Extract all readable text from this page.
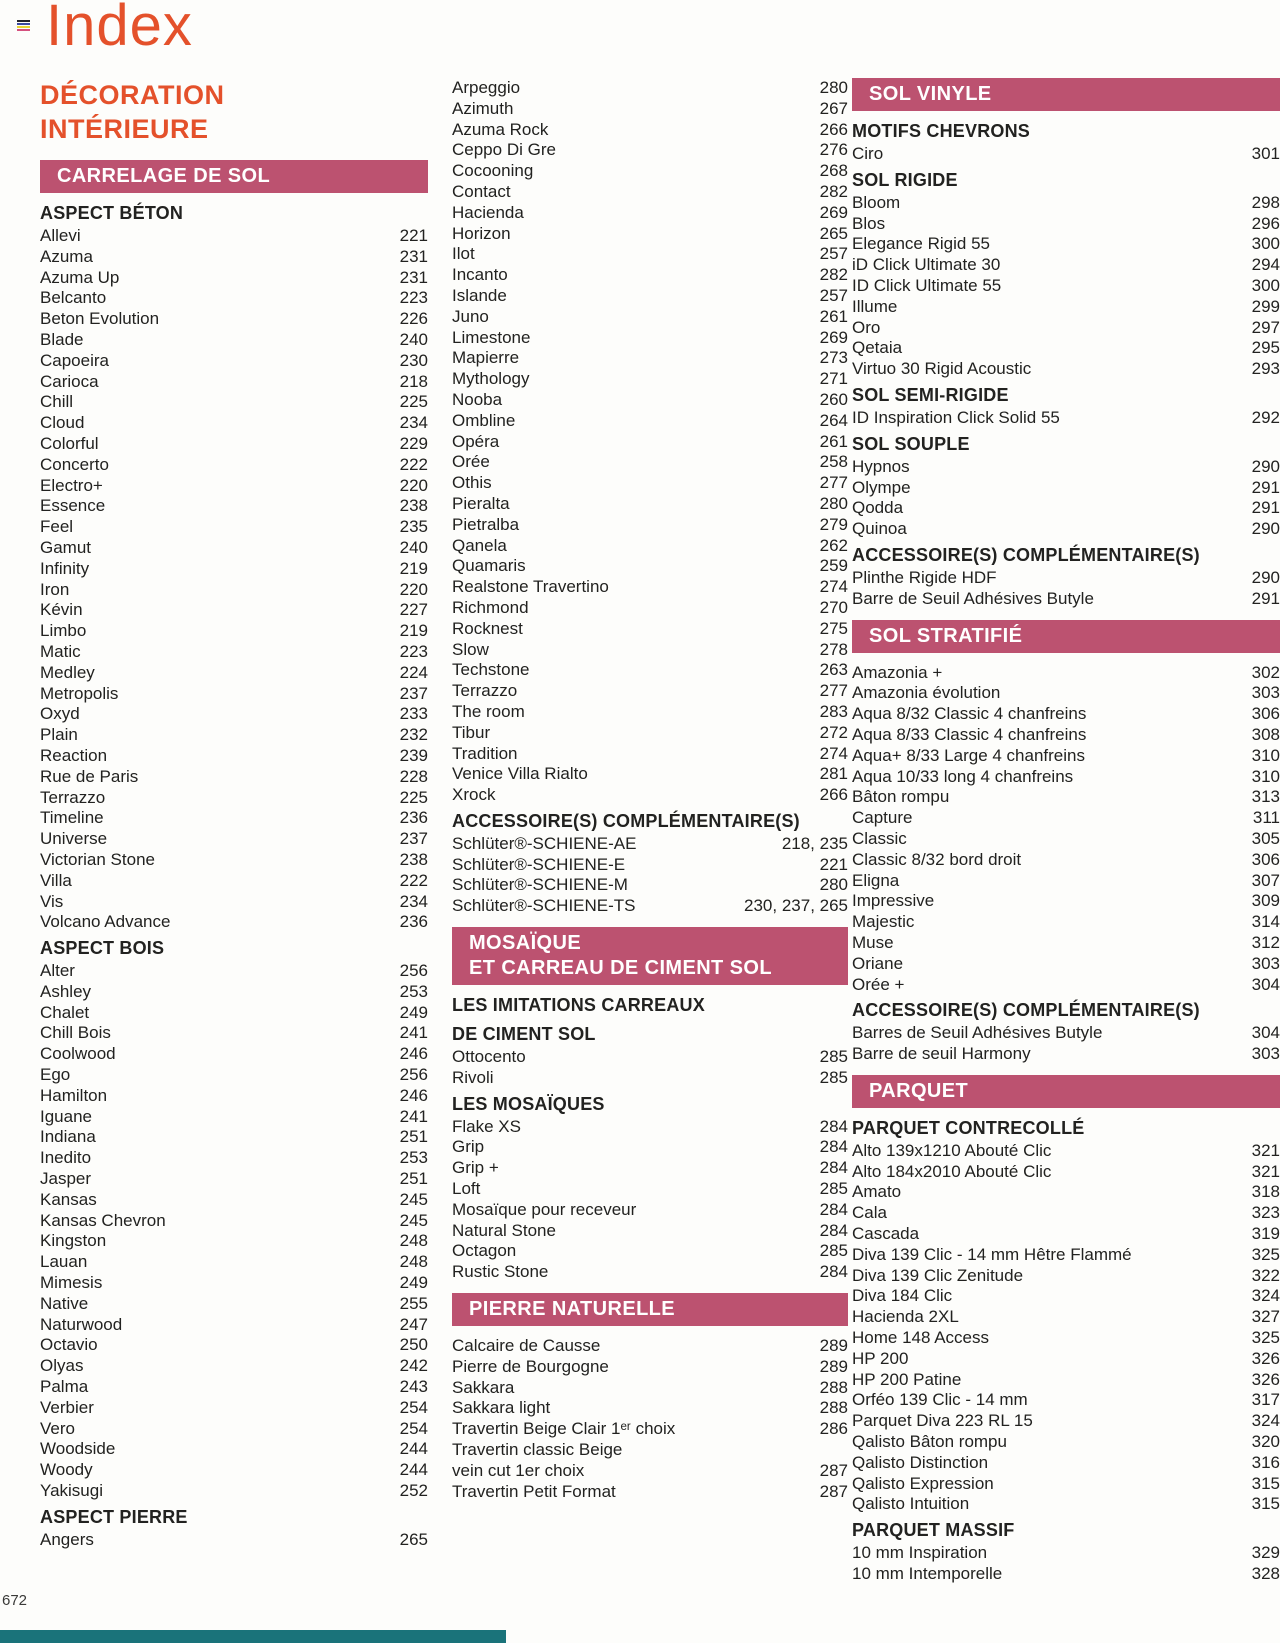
Index
DÉCORATION
INTÉRIEURE
CARRELAGE DE SOL
ASPECT BÉTON
Allevi	221
Azuma	231
Azuma Up	231
Belcanto	223
Beton Evolution	226
Blade	240
Capoeira	230
Carioca	218
Chill	225
Cloud	234
Colorful	229
Concerto	222
Electro+	220
Essence	238
Feel	235
Gamut	240
Infinity	219
Iron	220
Kévin	227
Limbo	219
Matic	223
Medley	224
Metropolis	237
Oxyd	233
Plain	232
Reaction	239
Rue de Paris	228
Terrazzo	225
Timeline	236
Universe	237
Victorian Stone	238
Villa	222
Vis	234
Volcano Advance	236
ASPECT BOIS
Alter	256
Ashley	253
Chalet	249
Chill Bois	241
Coolwood	246
Ego	256
Hamilton	246
Iguane	241
Indiana	251
Inedito	253
Jasper	251
Kansas	245
Kansas Chevron	245
Kingston	248
Lauan	248
Mimesis	249
Native	255
Naturwood	247
Octavio	250
Olyas	242
Palma	243
Verbier	254
Vero	254
Woodside	244
Woody	244
Yakisugi	252
ASPECT PIERRE
Angers	265
Arpeggio	280
Azimuth	267
Azuma Rock	266
Ceppo Di Gre	276
Cocooning	268
Contact	282
Hacienda	269
Horizon	265
Ilot	257
Incanto	282
Islande	257
Juno	261
Limestone	269
Mapierre	273
Mythology	271
Nooba	260
Ombline	264
Opéra	261
Orée	258
Othis	277
Pieralta	280
Pietralba	279
Qanela	262
Quamaris	259
Realstone Travertino	274
Richmond	270
Rocknest	275
Slow	278
Techstone	263
Terrazzo	277
The room	283
Tibur	272
Tradition	274
Venice Villa Rialto	281
Xrock	266
ACCESSOIRE(S) COMPLÉMENTAIRE(S)
Schlüter®-SCHIENE-AE	218, 235
Schlüter®-SCHIENE-E	221
Schlüter®-SCHIENE-M	280
Schlüter®-SCHIENE-TS	230, 237, 265
MOSAÏQUE
ET CARREAU DE CIMENT SOL
LES IMITATIONS CARREAUX
DE CIMENT SOL
Ottocento	285
Rivoli	285
LES MOSAÏQUES
Flake XS	284
Grip	284
Grip +	284
Loft	285
Mosaïque pour receveur	284
Natural Stone	284
Octagon	285
Rustic Stone	284
PIERRE NATURELLE
Calcaire de Causse	289
Pierre de Bourgogne	289
Sakkara	288
Sakkara light	288
Travertin Beige Clair 1ᵉʳ choix	286
Travertin classic Beige
vein cut 1er choix	287
Travertin Petit Format	287
SOL VINYLE
MOTIFS CHEVRONS
Ciro	301
SOL RIGIDE
Bloom	298
Blos	296
Elegance Rigid 55	300
iD Click Ultimate 30	294
ID Click Ultimate 55	300
Illume	299
Oro	297
Qetaia	295
Virtuo 30 Rigid Acoustic	293
SOL SEMI-RIGIDE
ID Inspiration Click Solid 55	292
SOL SOUPLE
Hypnos	290
Olympe	291
Qodda	291
Quinoa	290
ACCESSOIRE(S) COMPLÉMENTAIRE(S)
Plinthe Rigide HDF	290
Barre de Seuil Adhésives Butyle	291
SOL STRATIFIÉ
Amazonia +	302
Amazonia évolution	303
Aqua 8/32 Classic 4 chanfreins	306
Aqua 8/33 Classic 4 chanfreins	308
Aqua+ 8/33 Large 4 chanfreins	310
Aqua 10/33 long 4 chanfreins	310
Bâton rompu	313
Capture	311
Classic	305
Classic 8/32 bord droit	306
Eligna	307
Impressive	309
Majestic	314
Muse	312
Oriane	303
Orée +	304
ACCESSOIRE(S) COMPLÉMENTAIRE(S)
Barres de Seuil Adhésives Butyle	304
Barre de seuil Harmony	303
PARQUET
PARQUET CONTRECOLLÉ
Alto 139x1210 Abouté Clic	321
Alto 184x2010 Abouté Clic	321
Amato	318
Cala	323
Cascada	319
Diva 139 Clic - 14 mm Hêtre Flammé	325
Diva 139 Clic Zenitude	322
Diva 184 Clic	324
Hacienda 2XL	327
Home 148 Access	325
HP 200	326
HP 200 Patine	326
Orféo 139 Clic - 14 mm	317
Parquet Diva 223 RL 15	324
Qalisto Bâton rompu	320
Qalisto Distinction	316
Qalisto Expression	315
Qalisto Intuition	315
PARQUET MASSIF
10 mm Inspiration	329
10 mm Intemporelle	328
672
